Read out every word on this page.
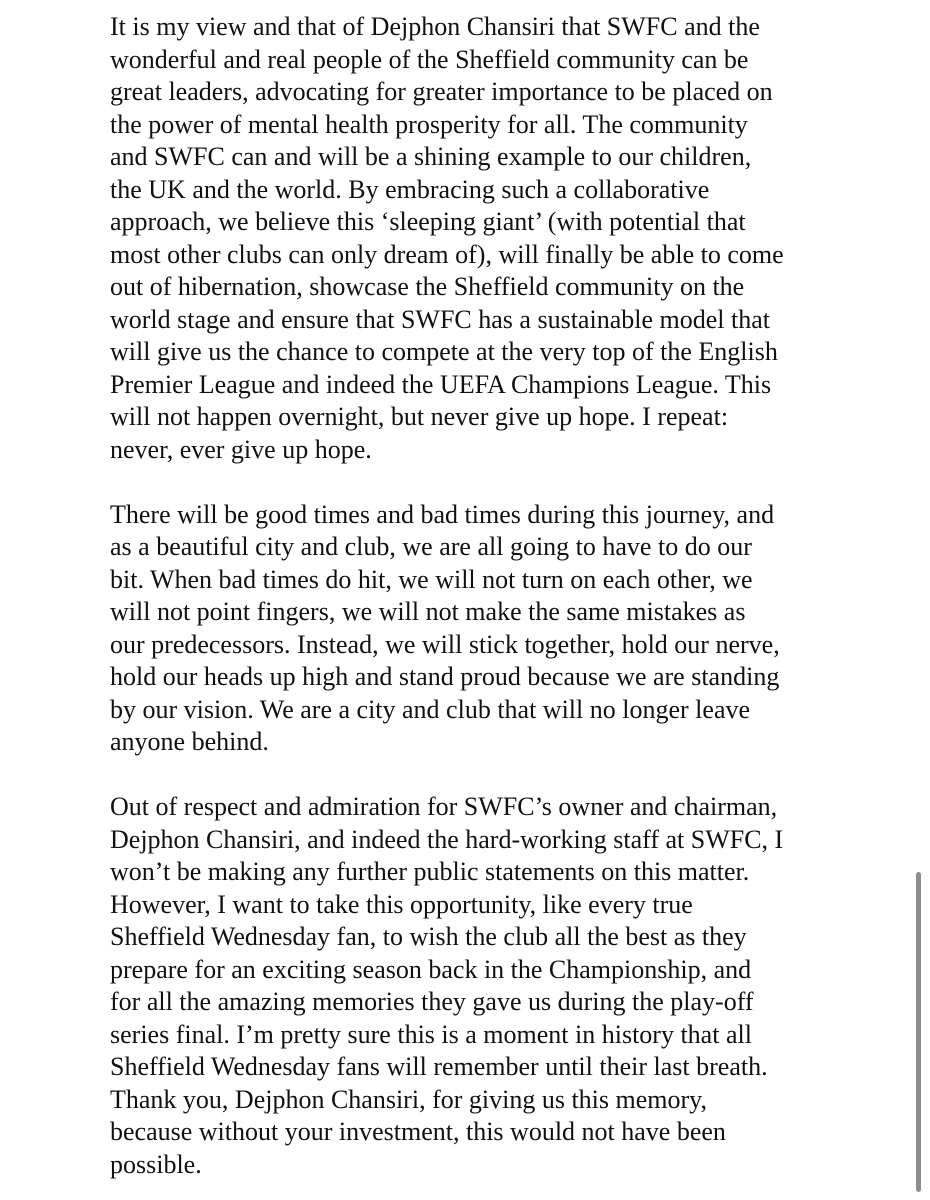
It is my view and that of Dejphon Chansiri that SWFC and the
wonderful and real people of the Sheffield community can be
great leaders, advocating for greater importance to be placed on
the power of mental health prosperity for all. The community
and SWFC can and will be a shining example to our children,
the UK and the world. By embracing such a collaborative
approach, we believe this ‘sleeping giant’ (with potential that
most other clubs can only dream of), will finally be able to come
out of hibernation, showcase the Sheffield community on the
world stage and ensure that SWFC has a sustainable model that
will give us the chance to compete at the very top of the English
Premier League and indeed the UEFA Champions League. This
will not happen overnight, but never give up hope. I repeat:
never, ever give up hope.
There will be good times and bad times during this journey, and
as a beautiful city and club, we are all going to have to do our
bit. When bad times do hit, we will not turn on each other, we
will not point fingers, we will not make the same mistakes as
our predecessors. Instead, we will stick together, hold our nerve,
hold our heads up high and stand proud because we are standing
by our vision. We are a city and club that will no longer leave
anyone behind.
Out of respect and admiration for SWFC’s owner and chairman,
Dejphon Chansiri, and indeed the hard-working staff at SWFC, I
won’t be making any further public statements on this matter.
However, I want to take this opportunity, like every true
Sheffield Wednesday fan, to wish the club all the best as they
prepare for an exciting season back in the Championship, and
for all the amazing memories they gave us during the play-off
series final. I’m pretty sure this is a moment in history that all
Sheffield Wednesday fans will remember until their last breath.
Thank you, Dejphon Chansiri, for giving us this memory,
because without your investment, this would not have been
possible.
